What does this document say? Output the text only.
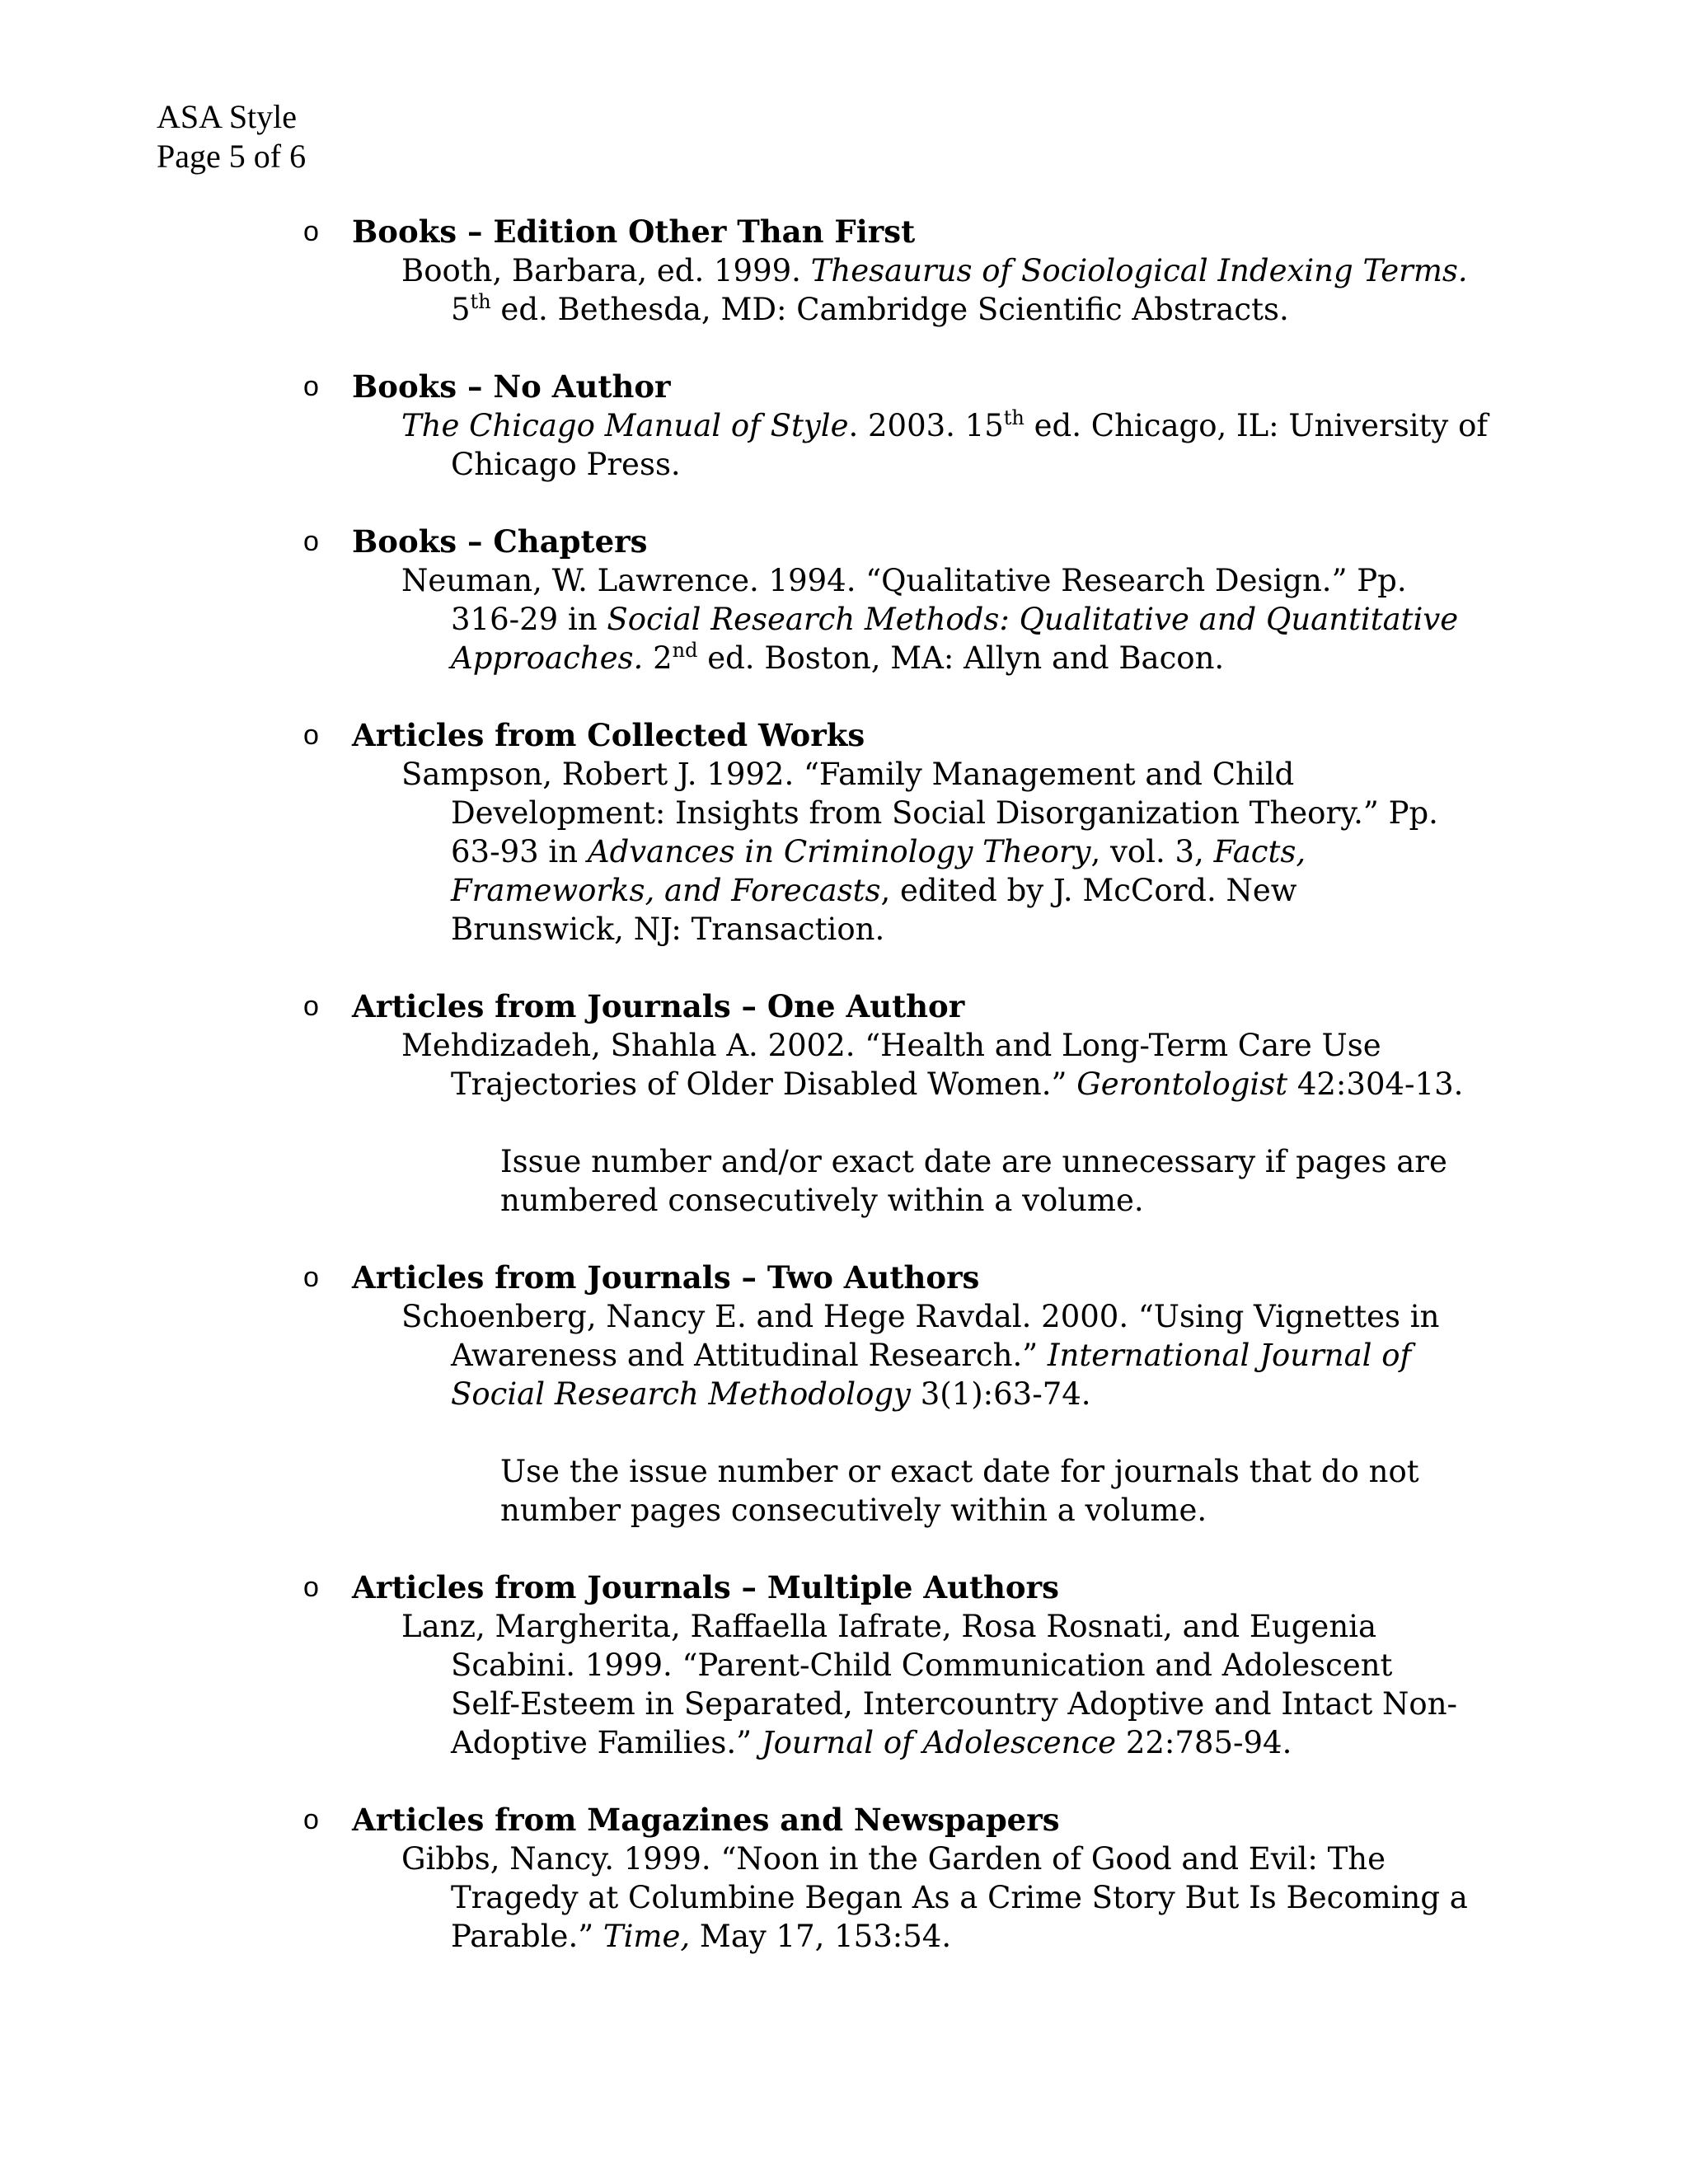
ASA Style
Page 5 of 6
o Books – Edition Other Than First
Booth, Barbara, ed. 1999. Thesaurus of Sociological Indexing Terms.
5th ed. Bethesda, MD: Cambridge Scientific Abstracts.
o Books – No Author
The Chicago Manual of Style. 2003. 15th ed. Chicago, IL: University of
Chicago Press.
o Books – Chapters
Neuman, W. Lawrence. 1994. “Qualitative Research Design.” Pp.
316-29 in Social Research Methods: Qualitative and Quantitative
Approaches. 2nd ed. Boston, MA: Allyn and Bacon.
o Articles from Collected Works
Sampson, Robert J. 1992. “Family Management and Child
Development: Insights from Social Disorganization Theory.” Pp.
63-93 in Advances in Criminology Theory, vol. 3, Facts,
Frameworks, and Forecasts, edited by J. McCord. New
Brunswick, NJ: Transaction.
o Articles from Journals – One Author
Mehdizadeh, Shahla A. 2002. “Health and Long-Term Care Use
Trajectories of Older Disabled Women.” Gerontologist 42:304-13.
Issue number and/or exact date are unnecessary if pages are
numbered consecutively within a volume.
o Articles from Journals – Two Authors
Schoenberg, Nancy E. and Hege Ravdal. 2000. “Using Vignettes in
Awareness and Attitudinal Research.” International Journal of
Social Research Methodology 3(1):63-74.
Use the issue number or exact date for journals that do not
number pages consecutively within a volume.
o Articles from Journals – Multiple Authors
Lanz, Margherita, Raffaella Iafrate, Rosa Rosnati, and Eugenia
Scabini. 1999. “Parent-Child Communication and Adolescent
Self-Esteem in Separated, Intercountry Adoptive and Intact Non-
Adoptive Families.” Journal of Adolescence 22:785-94.
o Articles from Magazines and Newspapers
Gibbs, Nancy. 1999. “Noon in the Garden of Good and Evil: The
Tragedy at Columbine Began As a Crime Story But Is Becoming a
Parable.” Time, May 17, 153:54.
